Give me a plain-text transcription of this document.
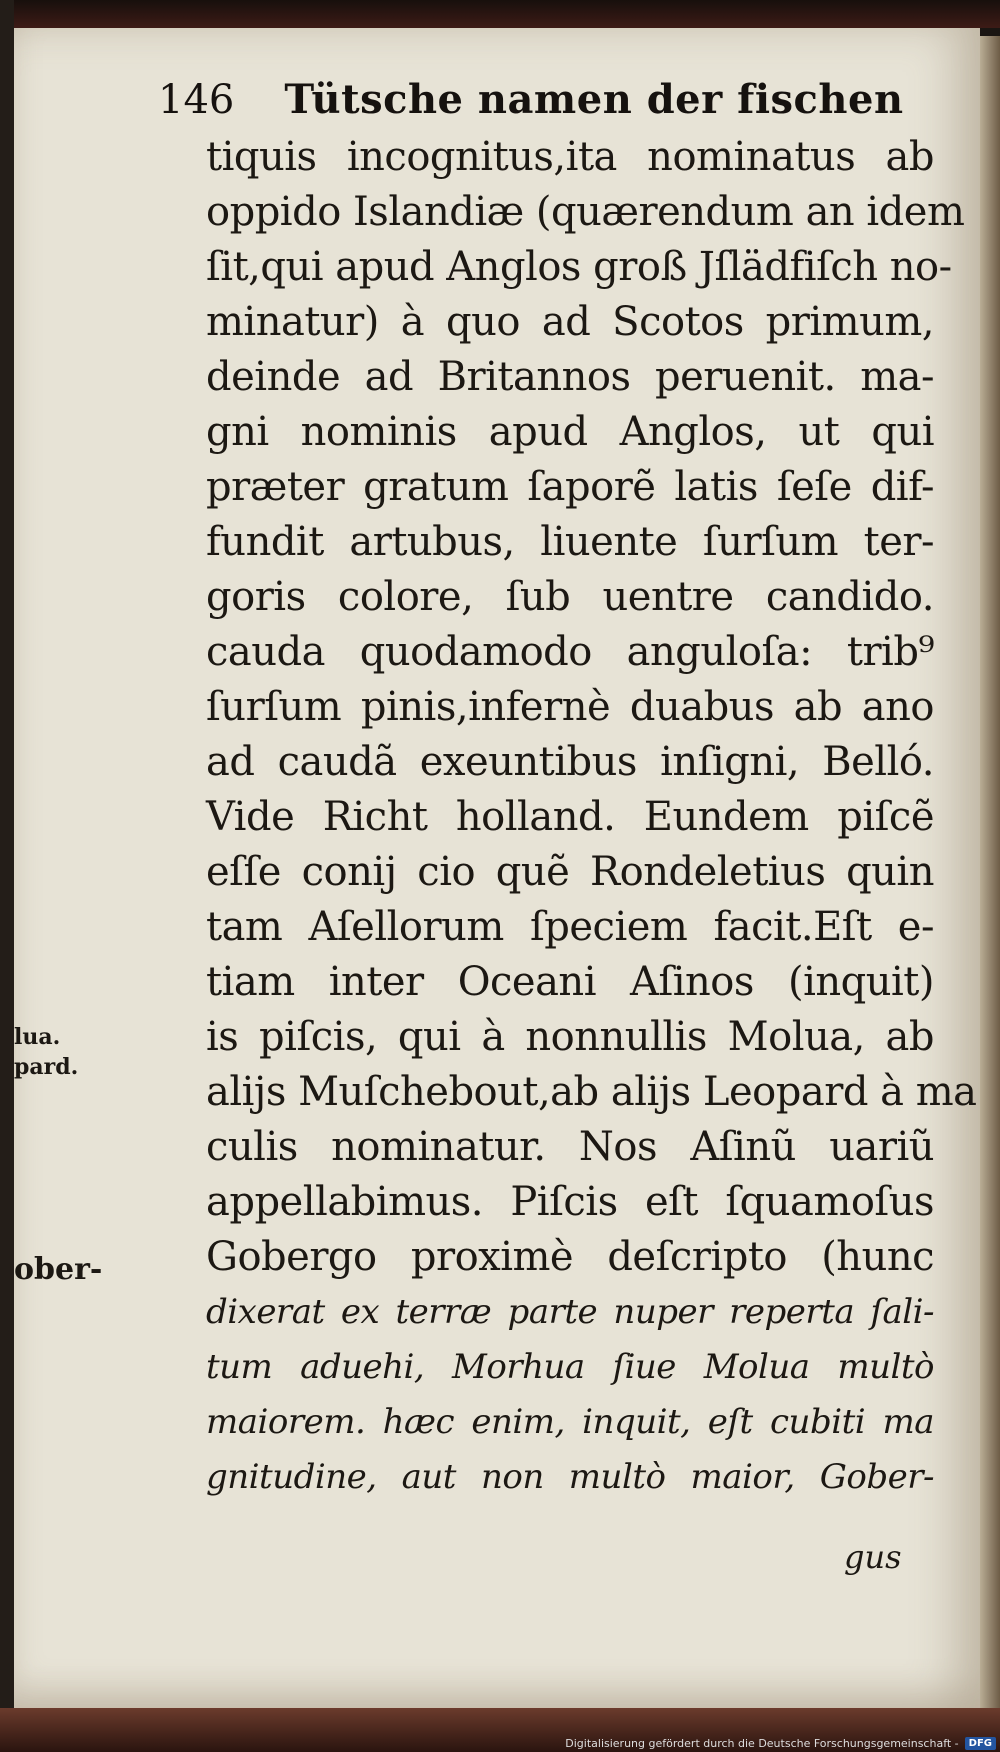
146 Tütsche namen der fischen
tiquis incognitus,ita nominatus ab
oppido Islandiæ (quærendum an idem
ſit,qui apud Anglos groß Jſlädfiſch no-
minatur) à quo ad Scotos primum,
deinde ad Britannos peruenit. ma-
gni nominis apud Anglos, ut qui
præter gratum ſaporẽ latis ſeſe dif-
fundit artubus, liuente ſurſum ter-
goris colore, ſub uentre candido.
cauda quodamodo anguloſa: trib⁹
ſurſum pinis,infernè duabus ab ano
ad caudã exeuntibus inſigni, Belló.
Vide Richt holland. Eundem piſcẽ
eſſe conij cio quẽ Rondeletius quin
tam Aſellorum ſpeciem facit.Eſt e-
tiam inter Oceani Aſinos (inquit)
is piſcis, qui à nonnullis Molua, ab
alijs Muſchebout,ab alijs Leopard à ma
culis nominatur. Nos Aſinũ uariũ
appellabimus. Piſcis eſt ſquamoſus
Gobergo proximè deſcripto (hunc
dixerat ex terræ parte nuper reperta ſali-
tum aduehi, Morhua ſiue Molua multò
maiorem. hæc enim, inquit, eſt cubiti ma
gnitudine, aut non multò maior, Gober-
gus
lua.
pard.
ober-
Digitalisierung gefördert durch die Deutsche Forschungsgemeinschaft -	DFG
